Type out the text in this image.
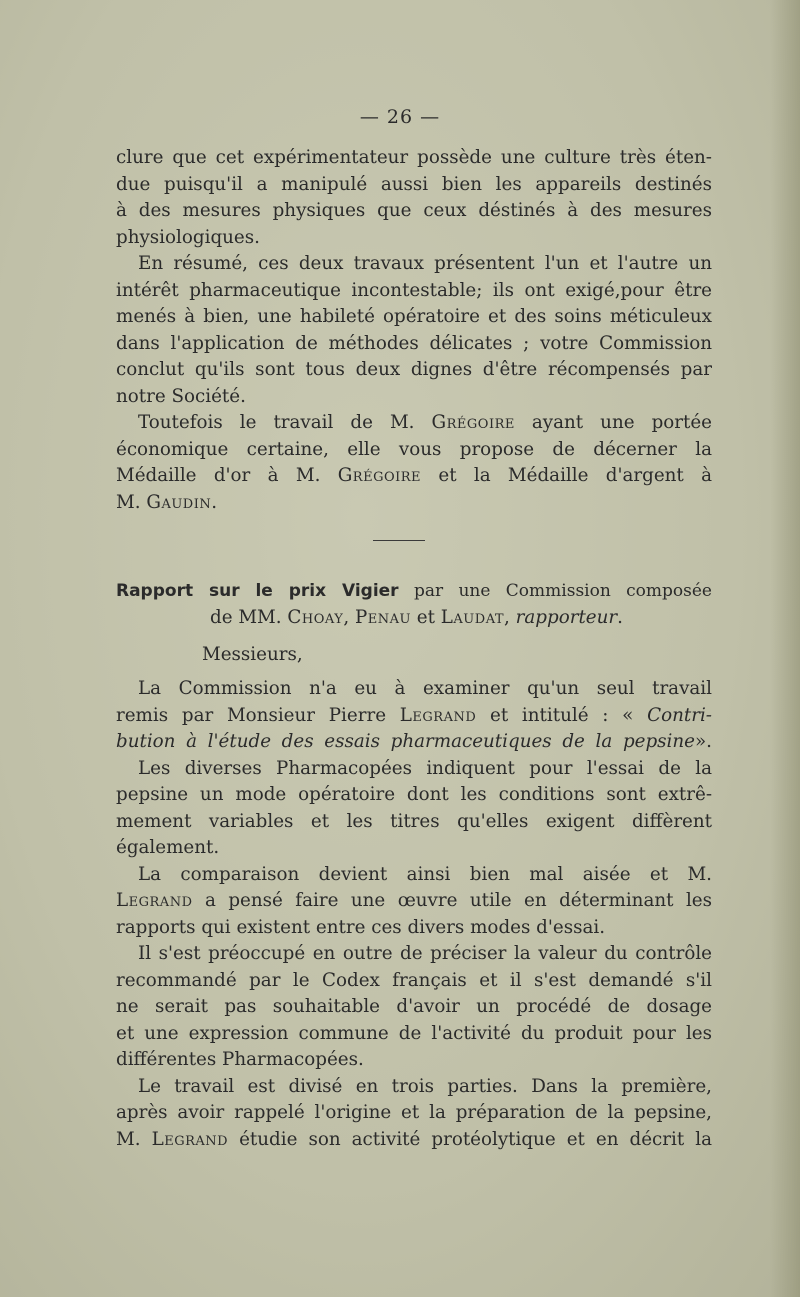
— 26 —
clure que cet expérimentateur possède une culture très éten-
due puisqu'il a manipulé aussi bien les appareils destinés
à des mesures physiques que ceux déstinés à des mesures
physiologiques.
En résumé, ces deux travaux présentent l'un et l'autre un
intérêt pharmaceutique incontestable; ils ont exigé,pour être
menés à bien, une habileté opératoire et des soins méticuleux
dans l'application de méthodes délicates ; votre Commission
conclut qu'ils sont tous deux dignes d'être récompensés par
notre Société.
Toutefois le travail de M. Grégoire ayant une portée
économique certaine, elle vous propose de décerner la
Médaille d'or à M. Grégoire et la Médaille d'argent à
M. Gaudin.
Rapport sur le prix Vigier par une Commission composée
de MM. Choay, Penau et Laudat, rapporteur.
Messieurs,
La Commission n'a eu à examiner qu'un seul travail
remis par Monsieur Pierre Legrand et intitulé : « Contri-
bution à l'étude des essais pharmaceutiques de la pepsine».
Les diverses Pharmacopées indiquent pour l'essai de la
pepsine un mode opératoire dont les conditions sont extrê-
mement variables et les titres qu'elles exigent diffèrent
également.
La comparaison devient ainsi bien mal aisée et M.
Legrand a pensé faire une œuvre utile en déterminant les
rapports qui existent entre ces divers modes d'essai.
Il s'est préoccupé en outre de préciser la valeur du contrôle
recommandé par le Codex français et il s'est demandé s'il
ne serait pas souhaitable d'avoir un procédé de dosage
et une expression commune de l'activité du produit pour les
différentes Pharmacopées.
Le travail est divisé en trois parties. Dans la première,
après avoir rappelé l'origine et la préparation de la pepsine,
M. Legrand étudie son activité protéolytique et en décrit la
